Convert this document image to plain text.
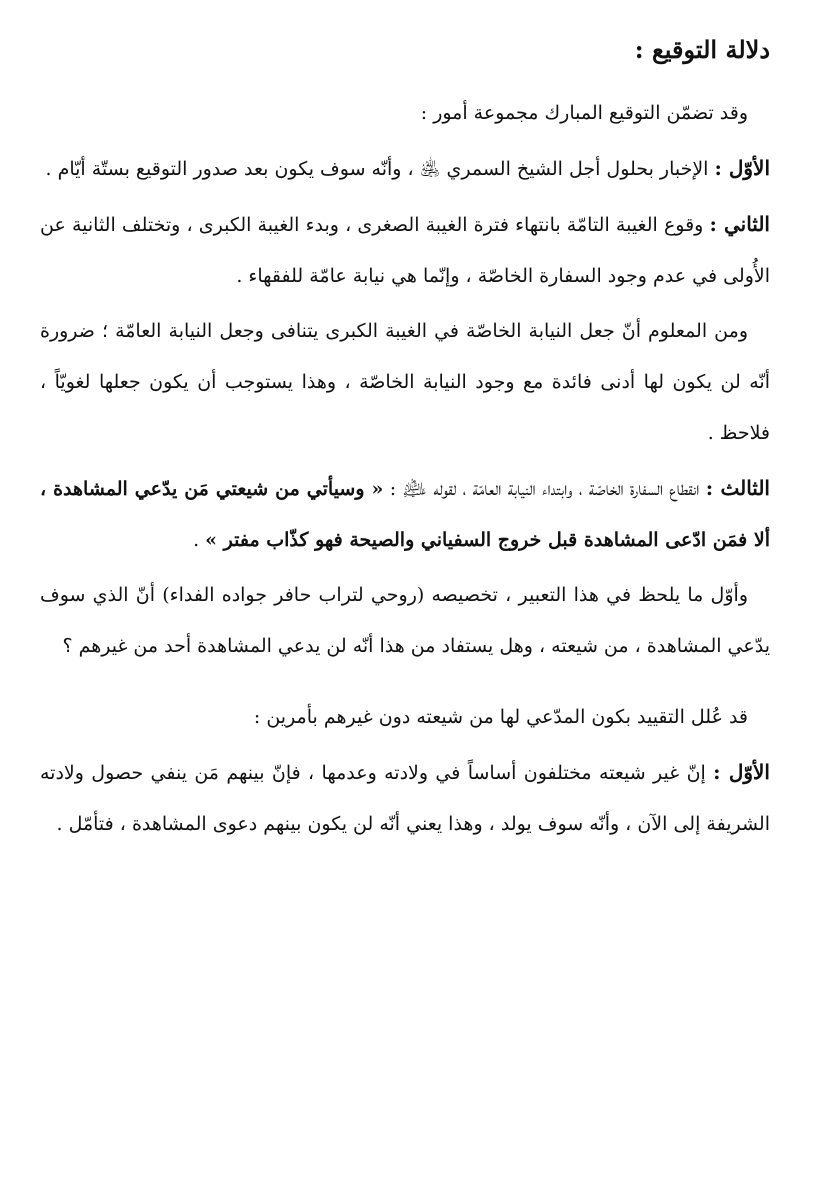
دلالة التوقيع :

وقد تضمّن التوقيع المبارك مجموعة أمور :

الأوّل : الإخبار بحلول أجل الشيخ السمري ﵁ ، وأنّه سوف يكون بعد صدور التوقيع بستّة أيّام .

الثاني : وقوع الغيبة التامّة بانتهاء فترة الغيبة الصغرى ، وبدء الغيبة الكبرى ، وتختلف الثانية عن الأُولى في عدم وجود السفارة الخاصّة ، وإنّما هي نيابة عامّة للفقهاء .

ومن المعلوم أنّ جعل النيابة الخاصّة في الغيبة الكبرى يتنافى وجعل النيابة العامّة ؛ ضرورة أنّه لن يكون لها أدنى فائدة مع وجود النيابة الخاصّة ، وهذا يستوجب أن يكون جعلها لغويّاً ، فلاحظ .

الثالث : انقطاع السفارة الخاصّة ، وابتداء النيابة العامّة ، لقوله ﵇ : « وسيأتي من شيعتي مَن يدّعي المشاهدة ، ألا فمَن ادّعى المشاهدة قبل خروج السفياني والصيحة فهو كذّاب مفتر » .

وأوّل ما يلحظ في هذا التعبير ، تخصيصه (روحي لتراب حافر جواده الفداء) أنّ الذي سوف يدّعي المشاهدة ، من شيعته ، وهل يستفاد من هذا أنّه لن يدعي المشاهدة أحد من غيرهم ؟

قد عُلل التقييد بكون المدّعي لها من شيعته دون غيرهم بأمرين :

الأوّل : إنّ غير شيعته مختلفون أساساً في ولادته وعدمها ، فإنّ بينهم مَن ينفي حصول ولادته الشريفة إلى الآن ، وأنّه سوف يولد ، وهذا يعني أنّه لن يكون بينهم دعوى المشاهدة ، فتأمّل .
